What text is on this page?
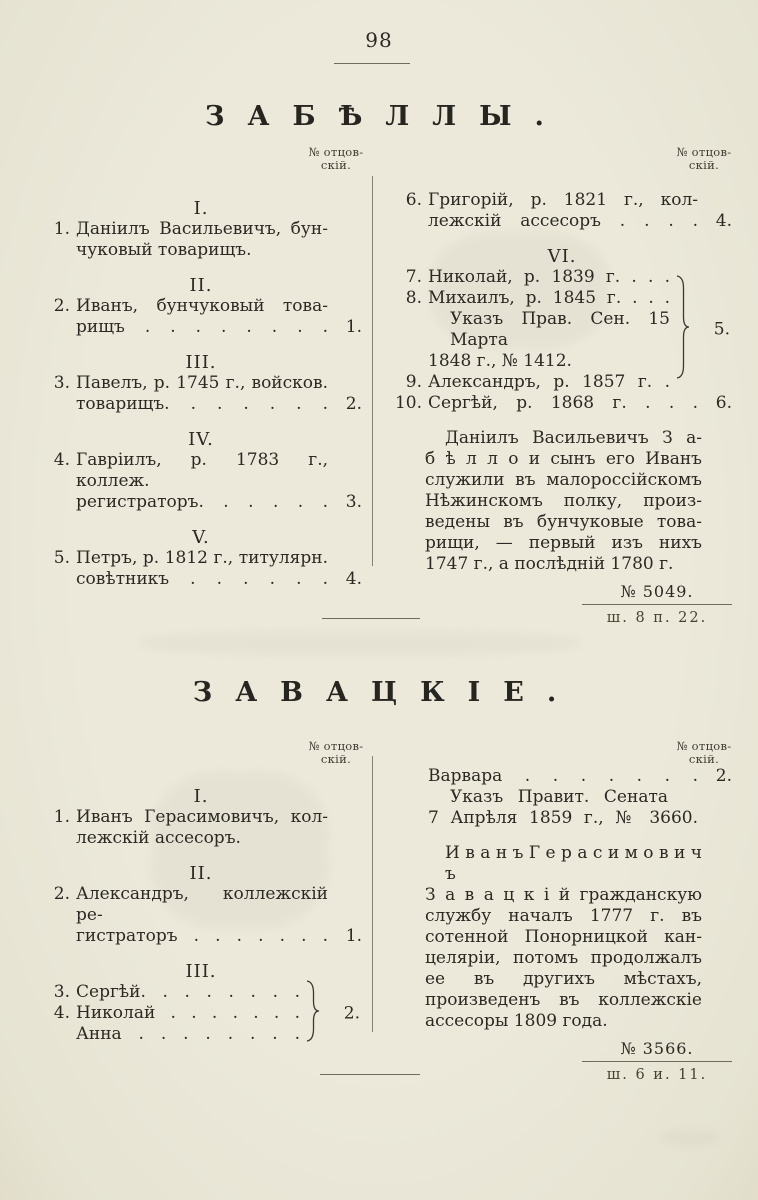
98
ЗАБѢЛЛЫ.
№ отцов-
скій.
№ отцов-
скій.
I.
1. Даніилъ Васильевичъ, бун-
чуковый товарищъ.
II.
2. Иванъ, бунчуковый това-
рищъ . . . . . . . .	1.
III.
3. Павелъ, р. 1745 г., войсков.
товарищъ. . . . . . .	2.
IV.
4. Гавріилъ, р. 1783 г., коллеж.
регистраторъ. . . . . .	3.
V.
5. Петръ, р. 1812 г., титулярн.
совѣтникъ . . . . . .	4.
6. Григорій, р. 1821 г., кол-
лежскій ассесоръ . . . .	4.
VI.
7. Николай, р. 1839 г. . . .
8. Михаилъ, р. 1845 г. . . .
Указъ Прав. Сен. 15 Марта
1848 г., № 1412.
9. Александръ, р. 1857 г. .
5.
10. Сергѣй, р. 1868 г. . . .	6.
Даніилъ Васильевичъ З а-
б ѣ л л о и сынъ его Иванъ
служили въ малороссійскомъ
Нѣжинскомъ полку, произ-
ведены въ бунчуковые това-
рищи, — первый изъ нихъ
1747 г., а послѣдній 1780 г.
№ 5049.
ш. 8 п. 22.
ЗАВАЦКІЕ.
№ отцов-
скій.
№ отцов-
скій.
I.
1. Иванъ Герасимовичъ, кол-
лежскій ассесоръ.
II.
2. Александръ, коллежскій ре-
гистраторъ . . . . . . .	1.
III.
3. Сергѣй. . . . . . . .
4. Николай . . . . . . .
Анна . . . . . . . .
2.
Варвара . . . . . . .	2.
Указъ Правит. Сената
7 Апрѣля 1859 г., № 3660.
И в а н ъ Г е р а с и м о в и ч ъ
З а в а ц к і й гражданскую
службу началъ 1777 г. въ
сотенной Понорницкой кан-
целяріи, потомъ продолжалъ
ее въ другихъ мѣстахъ,
произведенъ въ коллежскіе
ассесоры 1809 года.
№ 3566.
ш. 6 и. 11.
